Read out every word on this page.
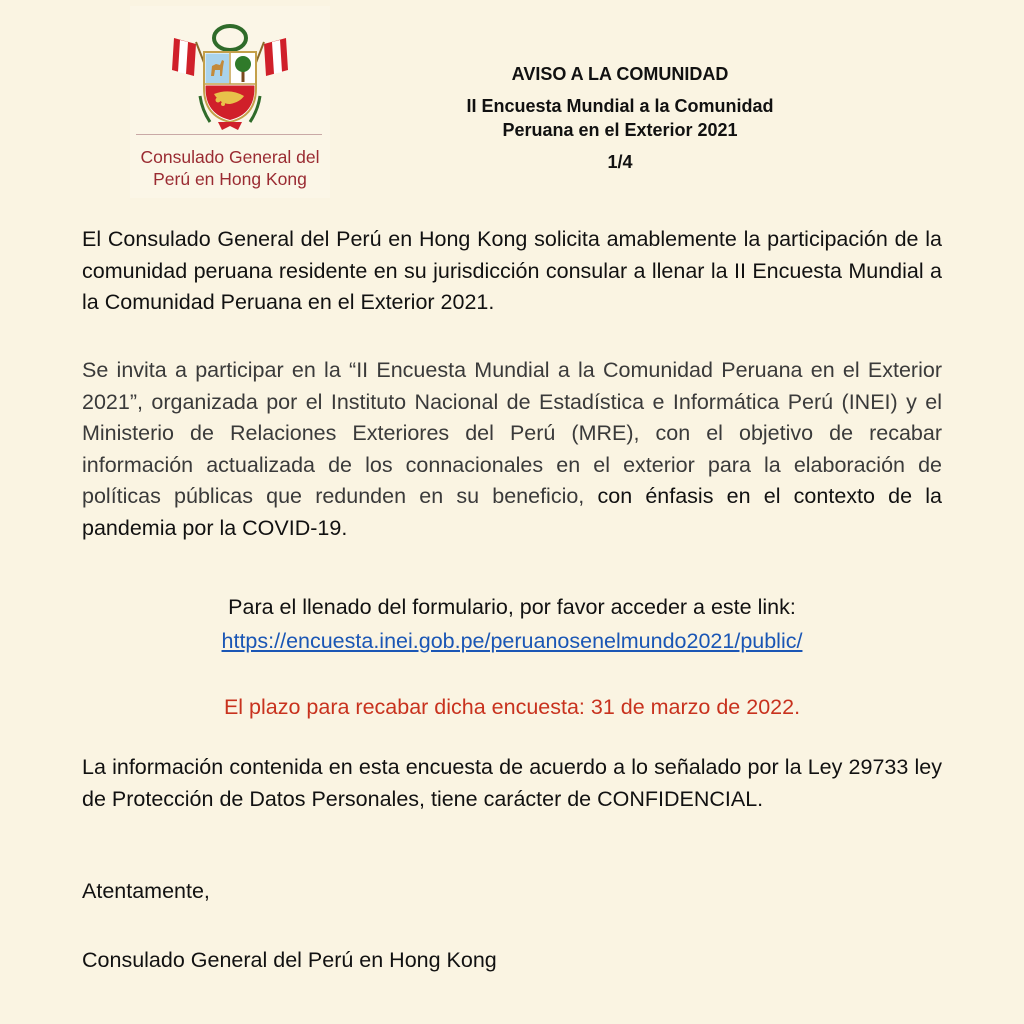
Consulado General del
Perú en Hong Kong
AVISO A LA COMUNIDAD
II Encuesta Mundial a la Comunidad
Peruana en el Exterior 2021
1/4
El Consulado General del Perú en Hong Kong solicita amablemente la participación de la comunidad peruana residente en su jurisdicción consular a llenar la II Encuesta Mundial a la Comunidad Peruana en el Exterior 2021.
Se invita a participar en la “II Encuesta Mundial a la Comunidad Peruana en el Exterior 2021”, organizada por el Instituto Nacional de Estadística e Informática Perú (INEI) y el Ministerio de Relaciones Exteriores del Perú (MRE), con el objetivo de recabar información actualizada de los connacionales en el exterior para la elaboración de políticas públicas que redunden en su beneficio, con énfasis en el contexto de la pandemia por la COVID-19.
Para el llenado del formulario, por favor acceder a este link:
https://encuesta.inei.gob.pe/peruanosenelmundo2021/public/
El plazo para recabar dicha encuesta: 31 de marzo de 2022.
La información contenida en esta encuesta de acuerdo a lo señalado por la Ley 29733 ley de Protección de Datos Personales, tiene carácter de CONFIDENCIAL.
Atentamente,
Consulado General del Perú en Hong Kong
